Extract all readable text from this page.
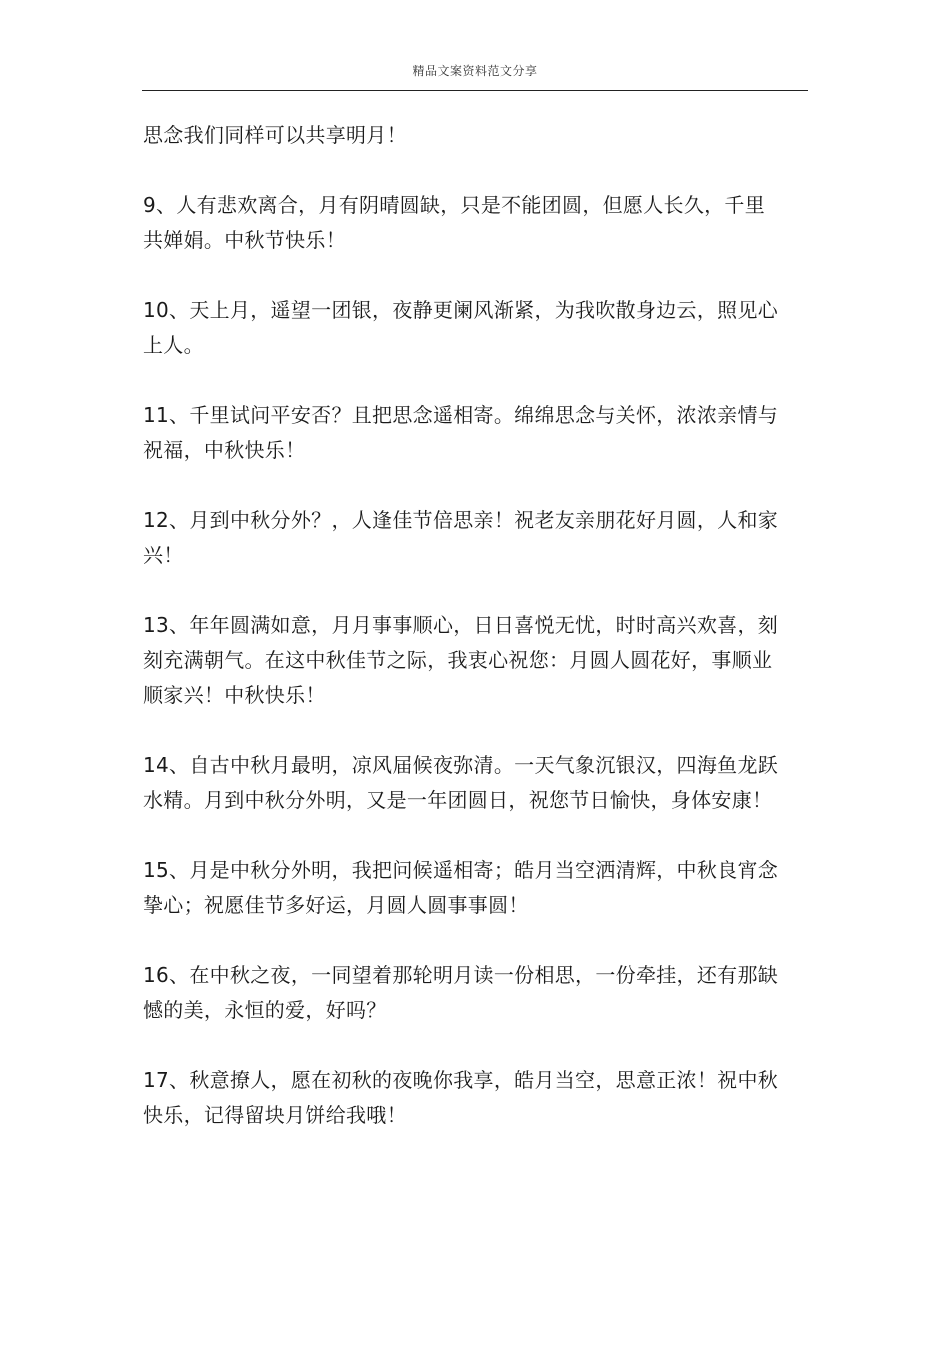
精品文案资料范文分享

思念我们同样可以共享明月！

9、人有悲欢离合，月有阴晴圆缺，只是不能团圆，但愿人长久，千里共婵娟。中秋节快乐！

10、天上月，遥望一团银，夜静更阑风渐紧，为我吹散身边云，照见心上人。

11、千里试问平安否？且把思念遥相寄。绵绵思念与关怀，浓浓亲情与祝福，中秋快乐！

12、月到中秋分外？，人逢佳节倍思亲！祝老友亲朋花好月圆，人和家兴！

13、年年圆满如意，月月事事顺心，日日喜悦无忧，时时高兴欢喜，刻刻充满朝气。在这中秋佳节之际，我衷心祝您：月圆人圆花好，事顺业顺家兴！中秋快乐！

14、自古中秋月最明，凉风届候夜弥清。一天气象沉银汉，四海鱼龙跃水精。月到中秋分外明，又是一年团圆日，祝您节日愉快，身体安康！

15、月是中秋分外明，我把问候遥相寄；皓月当空洒清辉，中秋良宵念挚心；祝愿佳节多好运，月圆人圆事事圆！

16、在中秋之夜，一同望着那轮明月读一份相思，一份牵挂，还有那缺憾的美，永恒的爱，好吗？

17、秋意撩人，愿在初秋的夜晚你我享，皓月当空，思意正浓！祝中秋快乐，记得留块月饼给我哦！
